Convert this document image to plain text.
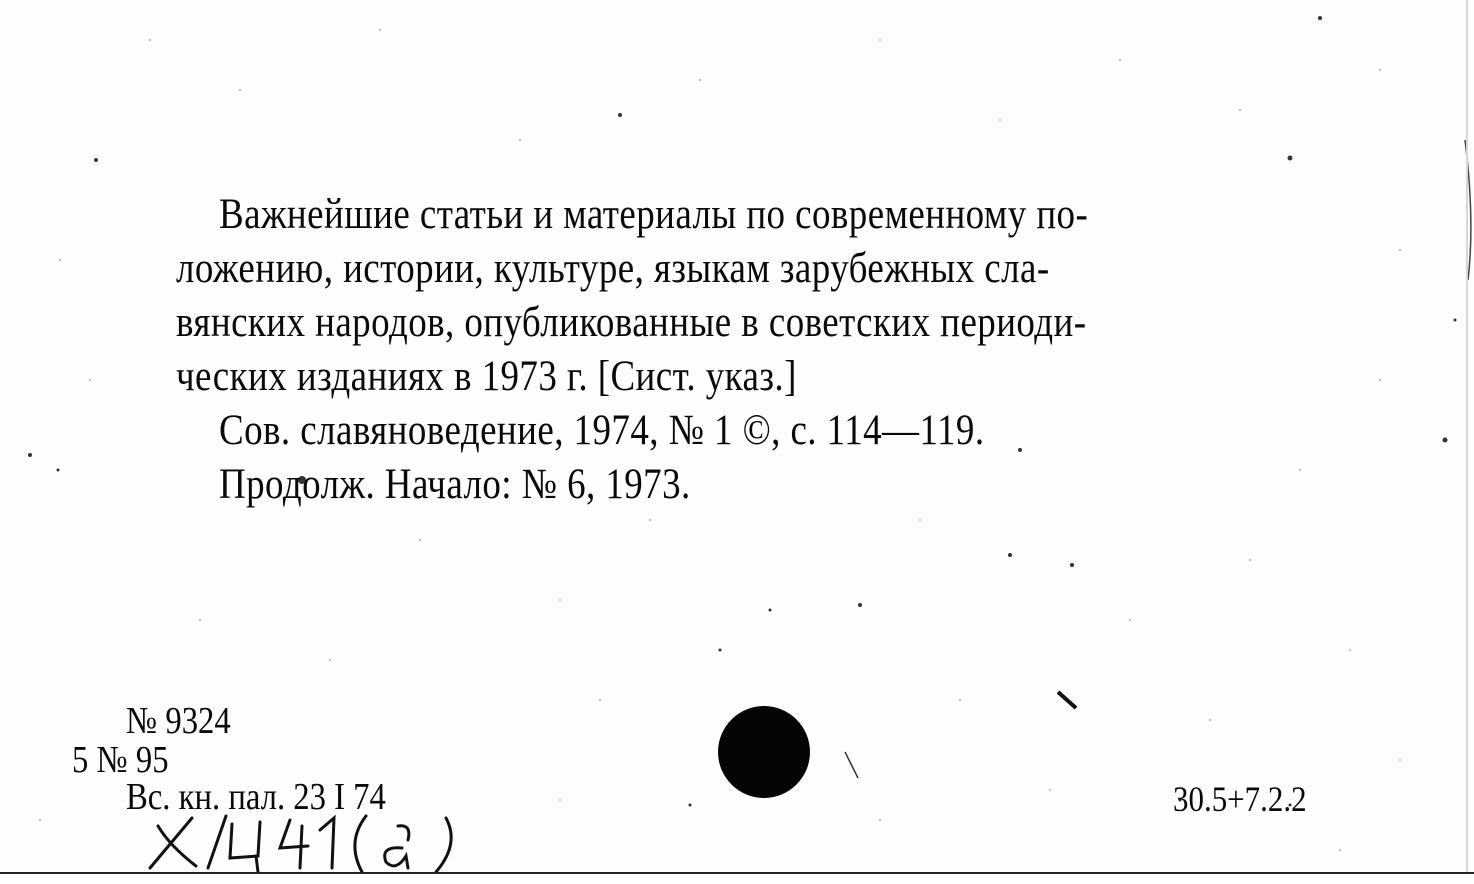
Важнейшие статьи и материалы по современному по-
ложению, истории, культуре, языкам зарубежных сла-
вянских народов, опубликованные в советских периоди-
ческих изданиях в 1973 г. [Сист. указ.]
Сов. славяноведение, 1974, № 1 ©, с. 114—119.
Продолж. Начало: № 6, 1973.
№ 9324
5 № 95
Вс. кн. пал. 23 I 74	30.5+7.2.2
